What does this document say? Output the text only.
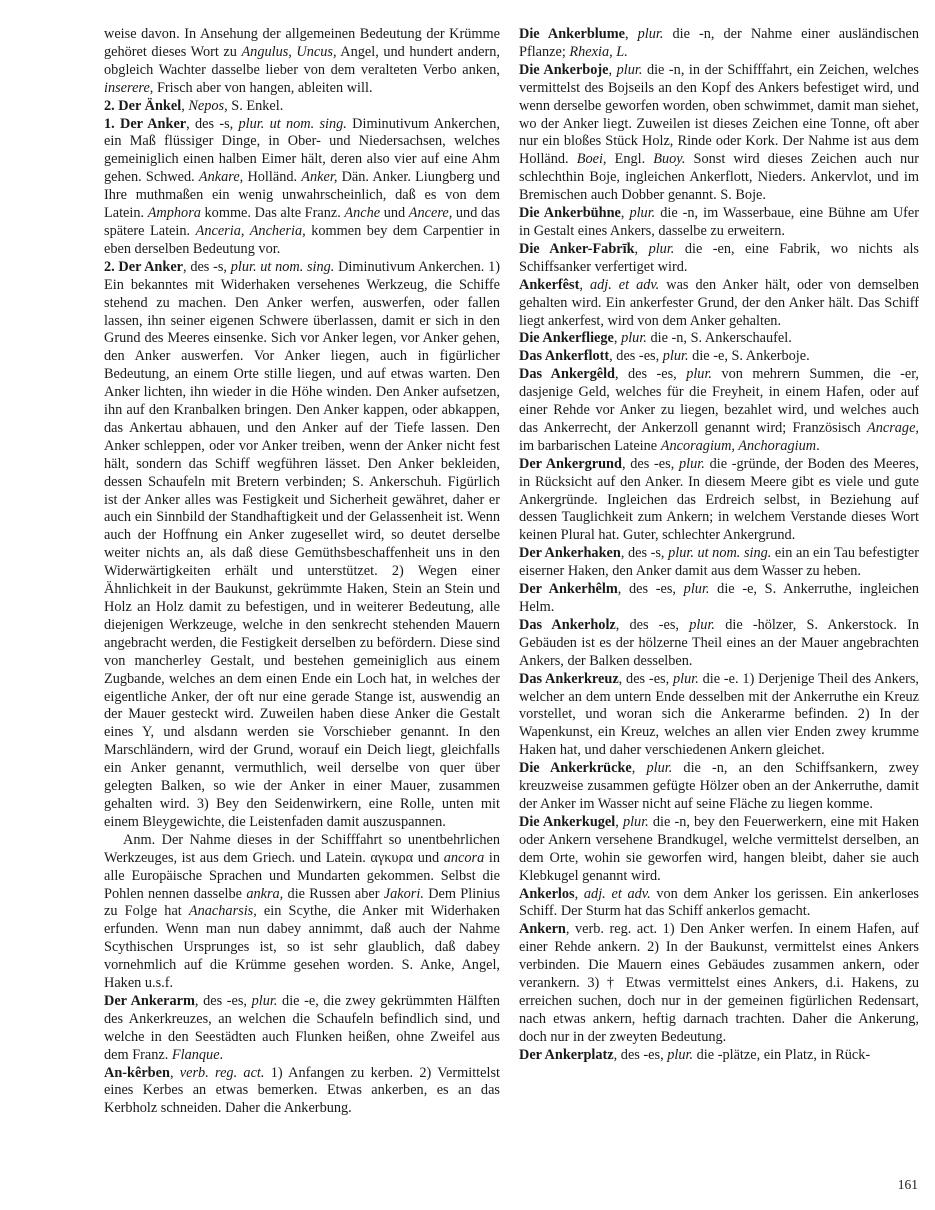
weise davon. In Ansehung der allgemeinen Bedeutung der Krümme gehöret dieses Wort zu Angulus, Uncus, Angel, und hundert andern, obgleich Wachter dasselbe lieber von dem veralteten Verbo anken, inserere, Frisch aber von hangen, ableiten will.
2. Der Änkel, Nepos, S. Enkel.
1. Der Anker, des -s, plur. ut nom. sing. Diminutivum Ankerchen, ein Maß flüssiger Dinge, in Ober- und Niedersachsen, welches gemeiniglich einen halben Eimer hält, deren also vier auf eine Ahm gehen. Schwed. Ankare, Holländ. Anker, Dän. Anker. Liungberg und Ihre muthmaßen ein wenig unwahrscheinlich, daß es von dem Latein. Amphora komme. Das alte Franz. Anche und Ancere, und das spätere Latein. Anceria, Ancheria, kommen bey dem Carpentier in eben derselben Bedeutung vor.
2. Der Anker, des -s, plur. ut nom. sing. Diminutivum Ankerchen. 1) Ein bekanntes mit Widerhaken versehenes Werkzeug, die Schiffe stehend zu machen. Den Anker werfen, auswerfen, oder fallen lassen, ihn seiner eigenen Schwere überlassen, damit er sich in den Grund des Meeres einsenke. Sich vor Anker legen, vor Anker gehen, den Anker auswerfen. Vor Anker liegen, auch in figürlicher Bedeutung, an einem Orte stille liegen, und auf etwas warten. Den Anker lichten, ihn wieder in die Höhe winden. Den Anker aufsetzen, ihn auf den Kranbalken bringen. Den Anker kappen, oder abkappen, das Ankertau abhauen, und den Anker auf der Tiefe lassen. Den Anker schleppen, oder vor Anker treiben, wenn der Anker nicht fest hält, sondern das Schiff wegführen lässet. Den Anker bekleiden, dessen Schaufeln mit Bretern verbinden; S. Ankerschuh. Figürlich ist der Anker alles was Festigkeit und Sicherheit gewähret, daher er auch ein Sinnbild der Standhaftigkeit und der Gelassenheit ist. Wenn auch der Hoffnung ein Anker zugesellet wird, so deutet derselbe weiter nichts an, als daß diese Gemüthsbeschaffenheit uns in den Widerwärtigkeiten erhält und unterstützet. 2) Wegen einer Ähnlichkeit in der Baukunst, gekrümmte Haken, Stein an Stein und Holz an Holz damit zu befestigen, und in weiterer Bedeutung, alle diejenigen Werkzeuge, welche in den senkrecht stehenden Mauern angebracht werden, die Festigkeit derselben zu befördern. Diese sind von mancherley Gestalt, und bestehen gemeiniglich aus einem Zugbande, welches an dem einen Ende ein Loch hat, in welches der eigentliche Anker, der oft nur eine gerade Stange ist, auswendig an der Mauer gesteckt wird. Zuweilen haben diese Anker die Gestalt eines Y, und alsdann werden sie Vorschieber genannt. In den Marschländern, wird der Grund, worauf ein Deich liegt, gleichfalls ein Anker genannt, vermuthlich, weil derselbe von quer über gelegten Balken, so wie der Anker in einer Mauer, zusammen gehalten wird. 3) Bey den Seidenwirkern, eine Rolle, unten mit einem Bleygewichte, die Leistenfaden damit auszuspannen.
Anm. Der Nahme dieses in der Schifffahrt so unentbehrlichen Werkzeuges, ist aus dem Griech. und Latein. αγκυρα und ancora in alle Europäische Sprachen und Mundarten gekommen. Selbst die Pohlen nennen dasselbe ankra, die Russen aber Jakori. Dem Plinius zu Folge hat Anacharsis, ein Scythe, die Anker mit Widerhaken erfunden. Wenn man nun dabey annimmt, daß auch der Nahme Scythischen Ursprunges ist, so ist sehr glaublich, daß dabey vornehmlich auf die Krümme gesehen worden. S. Anke, Angel, Haken u.s.f.
Der Ankerarm, des -es, plur. die -e, die zwey gekrümmten Hälften des Ankerkreuzes, an welchen die Schaufeln befindlich sind, und welche in den Seestädten auch Flunken heißen, ohne Zweifel aus dem Franz. Flanque.
An-kêrben, verb. reg. act. 1) Anfangen zu kerben. 2) Vermittelst eines Kerbes an etwas bemerken. Etwas ankerben, es an das Kerbholz schneiden. Daher die Ankerbung.
Die Ankerblume, plur. die -n, der Nahme einer ausländischen Pflanze; Rhexia, L.
Die Ankerboje, plur. die -n, in der Schifffahrt, ein Zeichen, welches vermittelst des Bojseils an den Kopf des Ankers befestiget wird, und wenn derselbe geworfen worden, oben schwimmet, damit man siehet, wo der Anker liegt. Zuweilen ist dieses Zeichen eine Tonne, oft aber nur ein bloßes Stück Holz, Rinde oder Kork. Der Nahme ist aus dem Holländ. Boei, Engl. Buoy. Sonst wird dieses Zeichen auch nur schlechthin Boje, ingleichen Ankerflott, Nieders. Ankervlot, und im Bremischen auch Dobber genannt. S. Boje.
Die Ankerbühne, plur. die -n, im Wasserbaue, eine Bühne am Ufer in Gestalt eines Ankers, dasselbe zu erweitern.
Die Anker-Fabrīk, plur. die -en, eine Fabrik, wo nichts als Schiffsanker verfertiget wird.
Ankerfêst, adj. et adv. was den Anker hält, oder von demselben gehalten wird. Ein ankerfester Grund, der den Anker hält. Das Schiff liegt ankerfest, wird von dem Anker gehalten.
Die Ankerfliege, plur. die -n, S. Ankerschaufel.
Das Ankerflott, des -es, plur. die -e, S. Ankerboje.
Das Ankergêld, des -es, plur. von mehrern Summen, die -er, dasjenige Geld, welches für die Freyheit, in einem Hafen, oder auf einer Rehde vor Anker zu liegen, bezahlet wird, und welches auch das Ankerrecht, der Ankerzoll genannt wird; Französisch Ancrage, im barbarischen Lateine Ancoragium, Anchoragium.
Der Ankergrund, des -es, plur. die -gründe, der Boden des Meeres, in Rücksicht auf den Anker. In diesem Meere gibt es viele und gute Ankergründe. Ingleichen das Erdreich selbst, in Beziehung auf dessen Tauglichkeit zum Ankern; in welchem Verstande dieses Wort keinen Plural hat. Guter, schlechter Ankergrund.
Der Ankerhaken, des -s, plur. ut nom. sing. ein an ein Tau befestigter eiserner Haken, den Anker damit aus dem Wasser zu heben.
Der Ankerhêlm, des -es, plur. die -e, S. Ankerruthe, ingleichen Helm.
Das Ankerholz, des -es, plur. die -hölzer, S. Ankerstock. In Gebäuden ist es der hölzerne Theil eines an der Mauer angebrachten Ankers, der Balken desselben.
Das Ankerkreuz, des -es, plur. die -e. 1) Derjenige Theil des Ankers, welcher an dem untern Ende desselben mit der Ankerruthe ein Kreuz vorstellet, und woran sich die Ankerarme befinden. 2) In der Wapenkunst, ein Kreuz, welches an allen vier Enden zwey krumme Haken hat, und daher verschiedenen Ankern gleichet.
Die Ankerkrücke, plur. die -n, an den Schiffsankern, zwey kreuzweise zusammen gefügte Hölzer oben an der Ankerruthe, damit der Anker im Wasser nicht auf seine Fläche zu liegen komme.
Die Ankerkugel, plur. die -n, bey den Feuerwerkern, eine mit Haken oder Ankern versehene Brandkugel, welche vermittelst derselben, an dem Orte, wohin sie geworfen wird, hangen bleibt, daher sie auch Klebkugel genannt wird.
Ankerlos, adj. et adv. von dem Anker los gerissen. Ein ankerloses Schiff. Der Sturm hat das Schiff ankerlos gemacht.
Ankern, verb. reg. act. 1) Den Anker werfen. In einem Hafen, auf einer Rehde ankern. 2) In der Baukunst, vermittelst eines Ankers verbinden. Die Mauern eines Gebäudes zusammen ankern, oder verankern. 3) † Etwas vermittelst eines Ankers, d.i. Hakens, zu erreichen suchen, doch nur in der gemeinen figürlichen Redensart, nach etwas ankern, heftig darnach trachten. Daher die Ankerung, doch nur in der zweyten Bedeutung.
Der Ankerplatz, des -es, plur. die -plätze, ein Platz, in Rück-
161
